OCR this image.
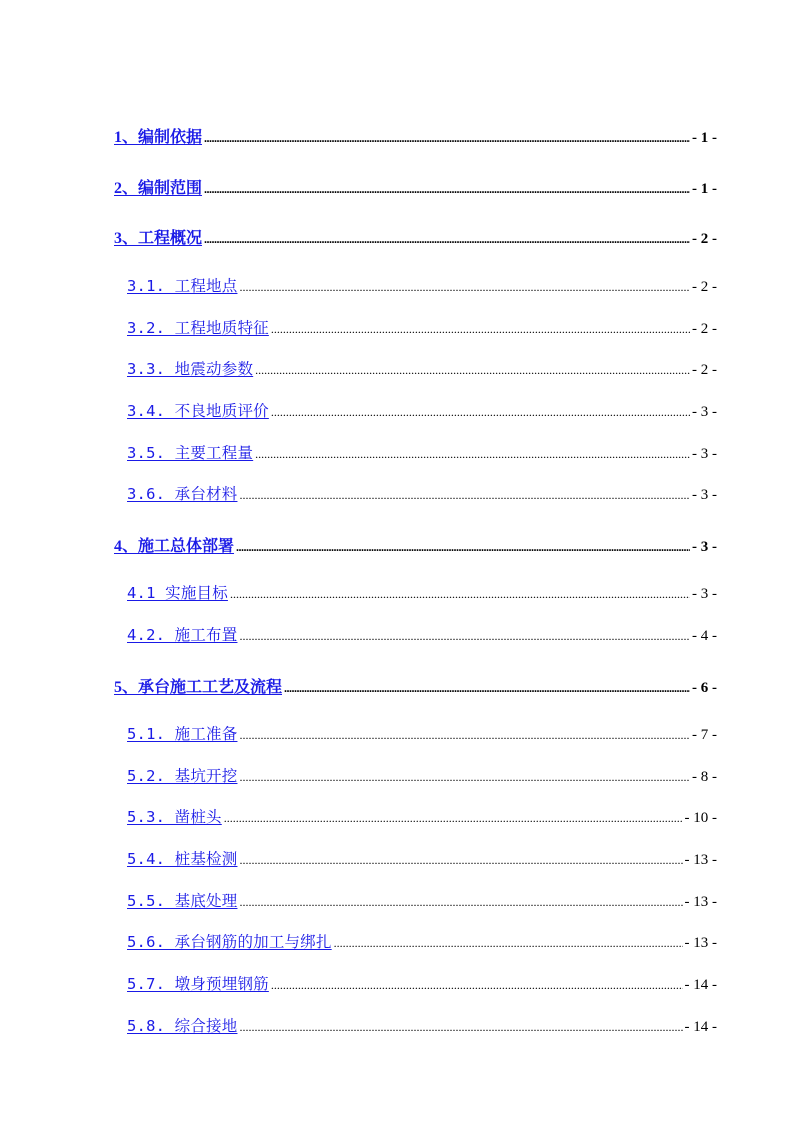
1、编制依据 .....	- 1 -
2、编制范围 .....	- 1 -
3、工程概况 .....	- 2 -
3.1. 工程地点 .....	- 2 -
3.2. 工程地质特征 .....	- 2 -
3.3. 地震动参数 .....	- 2 -
3.4. 不良地质评价 .....	- 3 -
3.5. 主要工程量 .....	- 3 -
3.6. 承台材料 .....	- 3 -
4、施工总体部署 .....	- 3 -
4.1 实施目标 .....	- 3 -
4.2. 施工布置 .....	- 4 -
5、承台施工工艺及流程 .....	- 6 -
5.1. 施工准备 .....	- 7 -
5.2. 基坑开挖 .....	- 8 -
5.3. 凿桩头 .....	- 10 -
5.4. 桩基检测 .....	- 13 -
5.5. 基底处理 .....	- 13 -
5.6. 承台钢筋的加工与绑扎 .....	- 13 -
5.7. 墩身预埋钢筋 .....	- 14 -
5.8. 综合接地 .....	- 14 -
